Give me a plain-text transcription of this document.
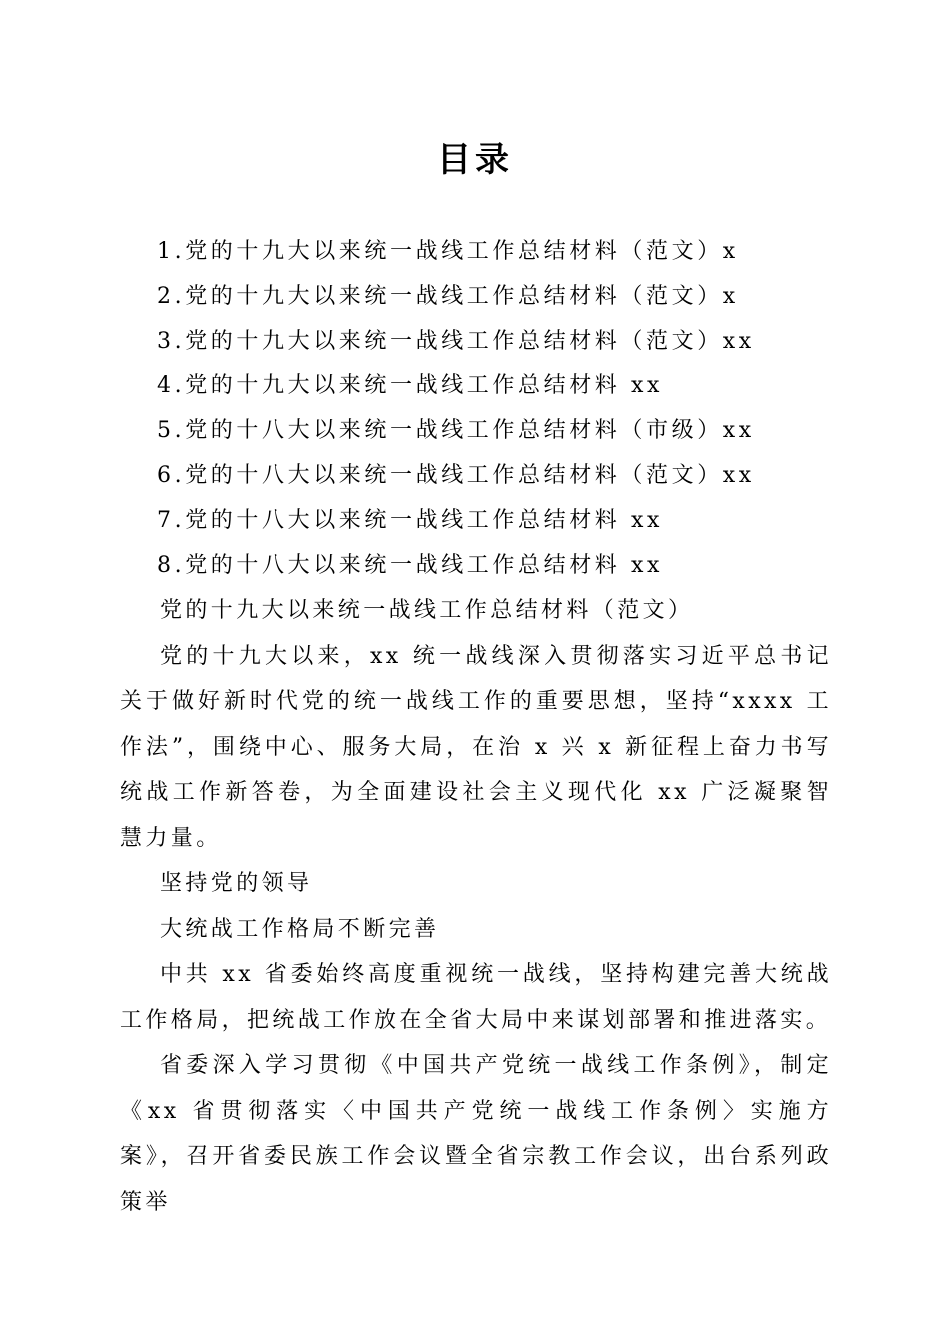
目录
1.党的十九大以来统一战线工作总结材料（范文）x
2.党的十九大以来统一战线工作总结材料（范文）x
3.党的十九大以来统一战线工作总结材料（范文）xx
4.党的十九大以来统一战线工作总结材料 xx
5.党的十八大以来统一战线工作总结材料（市级）xx
6.党的十八大以来统一战线工作总结材料（范文）xx
7.党的十八大以来统一战线工作总结材料 xx
8.党的十八大以来统一战线工作总结材料 xx

党的十九大以来统一战线工作总结材料（范文）

党的十九大以来，xx 统一战线深入贯彻落实习近平总书记关于做好新时代党的统一战线工作的重要思想，坚持“xxxx 工作法”，围绕中心、服务大局，在治 x 兴 x 新征程上奋力书写统战工作新答卷，为全面建设社会主义现代化 xx 广泛凝聚智慧力量。

坚持党的领导

大统战工作格局不断完善

中共 xx 省委始终高度重视统一战线，坚持构建完善大统战工作格局，把统战工作放在全省大局中来谋划部署和推进落实。

省委深入学习贯彻《中国共产党统一战线工作条例》，制定《xx 省贯彻落实〈中国共产党统一战线工作条例〉实施方案》，召开省委民族工作会议暨全省宗教工作会议，出台系列政策举
